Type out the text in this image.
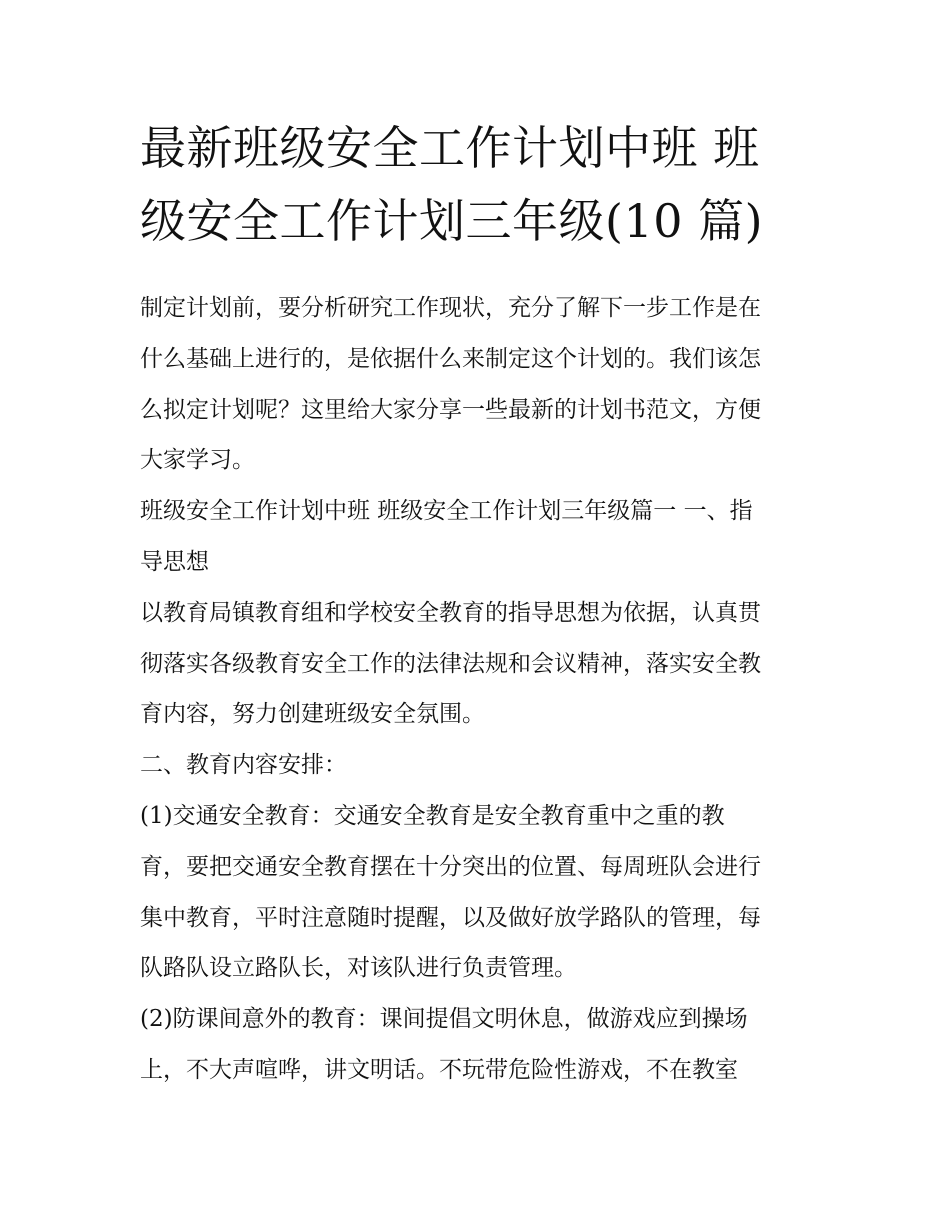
最新班级安全工作计划中班 班
级安全工作计划三年级(10 篇)

制定计划前，要分析研究工作现状，充分了解下一步工作是在
什么基础上进行的，是依据什么来制定这个计划的。我们该怎
么拟定计划呢？这里给大家分享一些最新的计划书范文，方便
大家学习。

班级安全工作计划中班 班级安全工作计划三年级篇一 一、指
导思想

以教育局镇教育组和学校安全教育的指导思想为依据，认真贯
彻落实各级教育安全工作的法律法规和会议精神，落实安全教
育内容，努力创建班级安全氛围。

二、教育内容安排：

(1)交通安全教育：交通安全教育是安全教育重中之重的教
育，要把交通安全教育摆在十分突出的位置、每周班队会进行
集中教育，平时注意随时提醒，以及做好放学路队的管理，每
队路队设立路队长，对该队进行负责管理。

(2)防课间意外的教育：课间提倡文明休息，做游戏应到操场
上，不大声喧哗，讲文明话。不玩带危险性游戏，不在教室
